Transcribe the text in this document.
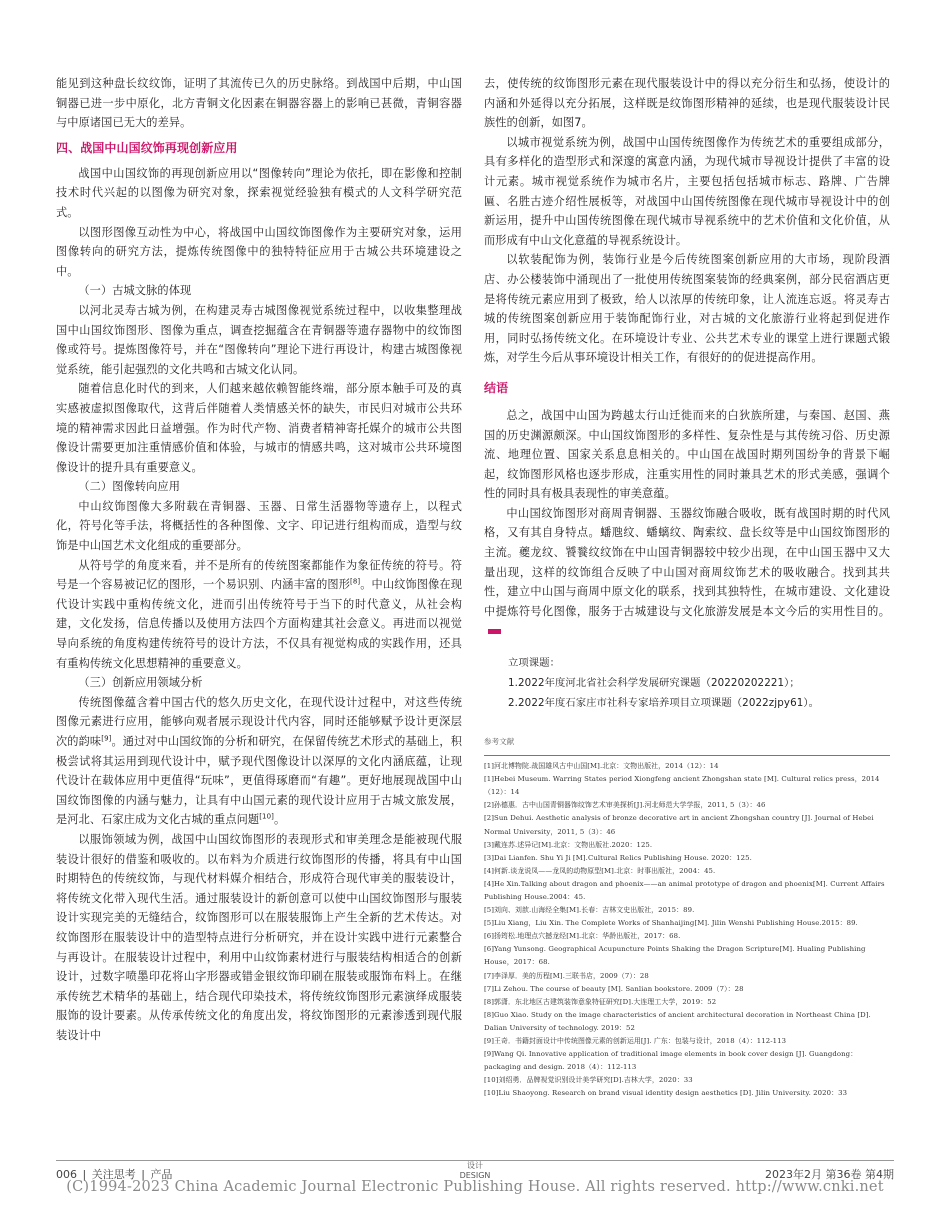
能见到这种盘长纹纹饰，证明了其流传已久的历史脉络。到战国中后期，中山国铜器已进一步中原化，北方青铜文化因素在铜器容器上的影响已甚微，青铜容器与中原诸国已无大的差异。

四、战国中山国纹饰再现创新应用

战国中山国纹饰的再现创新应用以“图像转向”理论为依托，即在影像和控制技术时代兴起的以图像为研究对象，探索视觉经验独有模式的人文科学研究范式。

以图形图像互动性为中心，将战国中山国纹饰图像作为主要研究对象，运用图像转向的研究方法，提炼传统图像中的独特特征应用于古城公共环境建设之中。

（一）古城文脉的体现

以河北灵寿古城为例，在构建灵寿古城图像视觉系统过程中，以收集整理战国中山国纹饰图形、图像为重点，调查挖掘蕴含在青铜器等遗存器物中的纹饰图像或符号。提炼图像符号，并在“图像转向”理论下进行再设计，构建古城图像视觉系统，能引起强烈的文化共鸣和古城文化认同。

随着信息化时代的到来，人们越来越依赖智能终端，部分原本触手可及的真实感被虚拟图像取代，这背后伴随着人类情感关怀的缺失，市民归对城市公共环境的精神需求因此日益增强。作为时代产物、消费者精神寄托媒介的城市公共图像设计需要更加注重情感价值和体验，与城市的情感共鸣，这对城市公共环境图像设计的提升具有重要意义。

（二）图像转向应用

中山纹饰图像大多附载在青铜器、玉器、日常生活器物等遗存上，以程式化，符号化等手法，将概括性的各种图像、文字、印记进行组构而成，造型与纹饰是中山国艺术文化组成的重要部分。

从符号学的角度来看，并不是所有的传统图案都能作为象征传统的符号。符号是一个容易被记忆的图形，一个易识别、内涵丰富的图形[8]。中山纹饰图像在现代设计实践中重构传统文化，进而引出传统符号于当下的时代意义，从社会构建，文化发扬，信息传播以及使用方法四个方面构建其社会意义。再进而以视觉导向系统的角度构建传统符号的设计方法，不仅具有视觉构成的实践作用，还具有重构传统文化思想精神的重要意义。

（三）创新应用领域分析

传统图像蕴含着中国古代的悠久历史文化，在现代设计过程中，对这些传统图像元素进行应用，能够向观者展示现设计代内容，同时还能够赋予设计更深层次的韵味[9]。通过对中山国纹饰的分析和研究，在保留传统艺术形式的基础上，积极尝试将其运用到现代设计中，赋予现代图像设计以深厚的文化内涵底蕴，让现代设计在载体应用中更值得“玩味”，更值得琢磨而“有趣”。更好地展现战国中山国纹饰图像的内涵与魅力，让具有中山国元素的现代设计应用于古城文旅发展，是河北、石家庄成为文化古城的重点问题[10]。

以服饰领域为例，战国中山国纹饰图形的表现形式和审美理念是能被现代服装设计很好的借鉴和吸收的。以布料为介质进行纹饰图形的传播，将具有中山国时期特色的传统纹饰，与现代材料媒介相结合，形成符合现代审美的服装设计，将传统文化带入现代生活。通过服装设计的新创意可以使中山国纹饰图形与服装设计实现完美的无缝结合，纹饰图形可以在服装服饰上产生全新的艺术传达。对纹饰图形在服装设计中的造型特点进行分析研究，并在设计实践中进行元素整合与再设计。在服装设计过程中，利用中山纹饰素材进行与服装结构相适合的创新设计，过数字喷墨印花将山字形器或错金银纹饰印刷在服装或服饰布料上。在继承传统艺术精华的基础上，结合现代印染技术，将传统纹饰图形元素演绎成服装服饰的设计要素。从传承传统文化的角度出发，将纹饰图形的元素渗透到现代服装设计中

去，使传统的纹饰图形元素在现代服装设计中的得以充分衍生和弘扬，使设计的内涵和外延得以充分拓展，这样既是纹饰图形精神的延续，也是现代服装设计民族性的创新，如图7。

以城市视觉系统为例，战国中山国传统图像作为传统艺术的重要组成部分，具有多样化的造型形式和深邃的寓意内涵，为现代城市导视设计提供了丰富的设计元素。城市视觉系统作为城市名片，主要包括包括城市标志、路牌、广告牌匾、名胜古迹介绍性展板等，对战国中山国传统图像在现代城市导视设计中的创新运用，提升中山国传统图像在现代城市导视系统中的艺术价值和文化价值，从而形成有中山文化意蕴的导视系统设计。

以软装配饰为例，装饰行业是今后传统图案创新应用的大市场，现阶段酒店、办公楼装饰中涌现出了一批使用传统图案装饰的经典案例，部分民宿酒店更是将传统元素应用到了极致，给人以浓厚的传统印象，让人流连忘返。将灵寿古城的传统图案创新应用于装饰配饰行业，对古城的文化旅游行业将起到促进作用，同时弘扬传统文化。在环境设计专业、公共艺术专业的课堂上进行课题式锻炼，对学生今后从事环境设计相关工作，有很好的的促进提高作用。

结语

总之，战国中山国为跨越太行山迁徙而来的白狄族所建，与秦国、赵国、燕国的历史渊源颇深。中山国纹饰图形的多样性、复杂性是与其传统习俗、历史源流、地理位置、国家关系息息相关的。中山国在战国时期列国纷争的背景下崛起，纹饰图形风格也逐步形成，注重实用性的同时兼具艺术的形式美感，强调个性的同时具有极具表现性的审美意蕴。

中山国纹饰图形对商周青铜器、玉器纹饰融合吸收，既有战国时期的时代风格，又有其自身特点。蟠虺纹、蟠螭纹、陶索纹、盘长纹等是中山国纹饰图形的主流。夔龙纹、饕餮纹纹饰在中山国青铜器较中较少出现，在中山国玉器中又大量出现，这样的纹饰组合反映了中山国对商周纹饰艺术的吸收融合。找到其共性，建立中山国与商周中原文化的联系，找到其独特性，在城市建设、文化建设中提炼符号化图像，服务于古城建设与文化旅游发展是本文今后的实用性目的。

立项课题：
1.2022年度河北省社会科学发展研究课题（20220202221）；
2.2022年度石家庄市社科专家培养项目立项课题（2022zjpy61）。
参考文献
[1]河北博物院.战国雄风古中山国[M].北京：文物出版社，2014（12）：14
[1]Hebei Museum. Warring States period Xiongfeng ancient Zhongshan state [M]. Cultural relics press，2014（12）：14
[2]孙德惠．古中山国青铜器饰纹饰艺术审美探析[J].河北师范大学学报，2011, 5（3）：46
[2]Sun Dehui. Aesthetic analysis of bronze decorative art in ancient Zhongshan country [J]. Journal of Hebei Normal University，2011, 5（3）：46
[3]戴连苏.述异记[M].北京：文物出版社.2020：125.
[3]Dai Lianfen. Shu Yi Ji [M].Cultural Relics Publishing House. 2020：125.
[4]何新.谈龙说凤——龙凤的动物原型[M].北京：时事出版社，2004：45.
[4]He Xin.Talking about dragon and phoenix——an animal prototype of dragon and phoenix[M]. Current Affairs Publishing House.2004：45.
[5]刘向、刘歆.山海经全集[M].长春：吉林文史出版社，2015：89.
[5]Liu Xiang，Liu Xin. The Complete Works of Shanhaijing[M]. Jilin Wenshi Publishing House.2015：89.
[6]扬筠松.地理点穴撼龙经[M].北京：华龄出版社，2017：68.
[6]Yang Yunsong. Geographical Acupuncture Points Shaking the Dragon Scripture[M]. Hualing Publishing House，2017：68.
[7]李泽厚．美的历程[M].三联书店，2009（7）：28
[7]Li Zehou. The course of beauty [M]. Sanlian bookstore. 2009（7）：28
[8]郭潇．东北地区古建筑装饰意象特征研究[D].大连理工大学，2019：52
[8]Guo Xiao. Study on the image characteristics of ancient architectural decoration in Northeast China [D]. Dalian University of technology. 2019：52
[9]王奇．书籍封面设计中传统图像元素的创新运用[J]. 广东：包装与设计，2018（4）：112-113
[9]Wang Qi. Innovative application of traditional image elements in book cover design [J]. Guangdong：packaging and design. 2018（4）：112-113
[10]刘绍勇．品牌视觉识别设计美学研究[D].吉林大学，2020：33
[10]Liu Shaoyong. Research on brand visual identity design aesthetics [D]. Jilin University. 2020：33
006 | 关注思考 | 产品
设计
DESIGN	2023年2月 第36卷 第4期
(C)1994-2023 China Academic Journal Electronic Publishing House. All rights reserved. http://www.cnki.net
